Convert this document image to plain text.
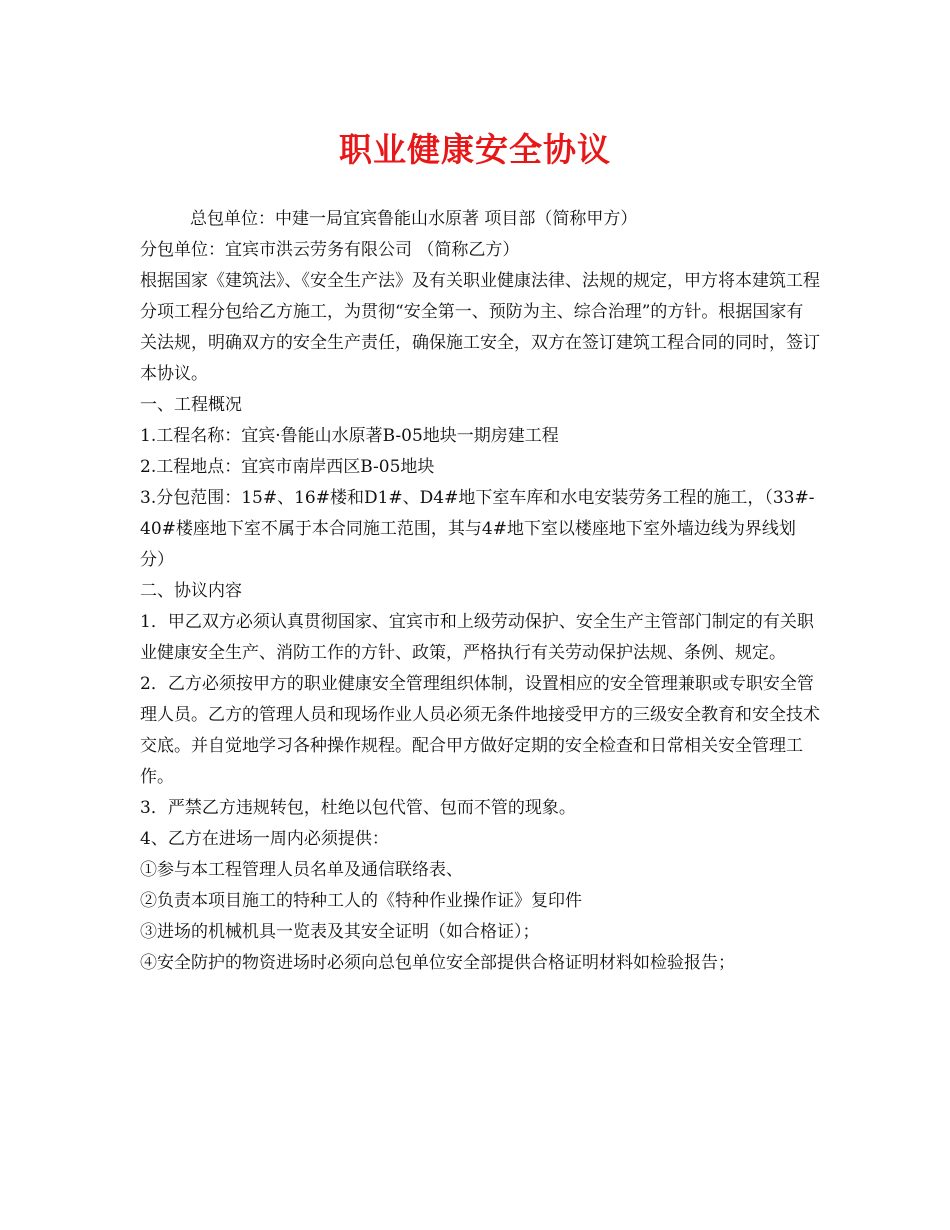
职业健康安全协议

总包单位：中建一局宜宾鲁能山水原著 项目部（简称甲方）

分包单位：宜宾市洪云劳务有限公司 （简称乙方）

根据国家《建筑法》、《安全生产法》及有关职业健康法律、法规的规定，甲方将本建筑工程分项工程分包给乙方施工，为贯彻“安全第一、预防为主、综合治理”的方针。根据国家有关法规，明确双方的安全生产责任，确保施工安全，双方在签订建筑工程合同的同时，签订本协议。

一、工程概况

1.工程名称：宜宾·鲁能山水原著B-05地块一期房建工程

2.工程地点：宜宾市南岸西区B-05地块

3.分包范围：15#、16#楼和D1#、D4#地下室车库和水电安装劳务工程的施工，（33#-40#楼座地下室不属于本合同施工范围，其与4#地下室以楼座地下室外墙边线为界线划分）

二、协议内容

1．甲乙双方必须认真贯彻国家、宜宾市和上级劳动保护、安全生产主管部门制定的有关职业健康安全生产、消防工作的方针、政策，严格执行有关劳动保护法规、条例、规定。

2．乙方必须按甲方的职业健康安全管理组织体制，设置相应的安全管理兼职或专职安全管理人员。乙方的管理人员和现场作业人员必须无条件地接受甲方的三级安全教育和安全技术交底。并自觉地学习各种操作规程。配合甲方做好定期的安全检查和日常相关安全管理工作。

3．严禁乙方违规转包，杜绝以包代管、包而不管的现象。

4、乙方在进场一周内必须提供：

①参与本工程管理人员名单及通信联络表、

②负责本项目施工的特种工人的《特种作业操作证》复印件

③进场的机械机具一览表及其安全证明（如合格证）；

④安全防护的物资进场时必须向总包单位安全部提供合格证明材料如检验报告；
